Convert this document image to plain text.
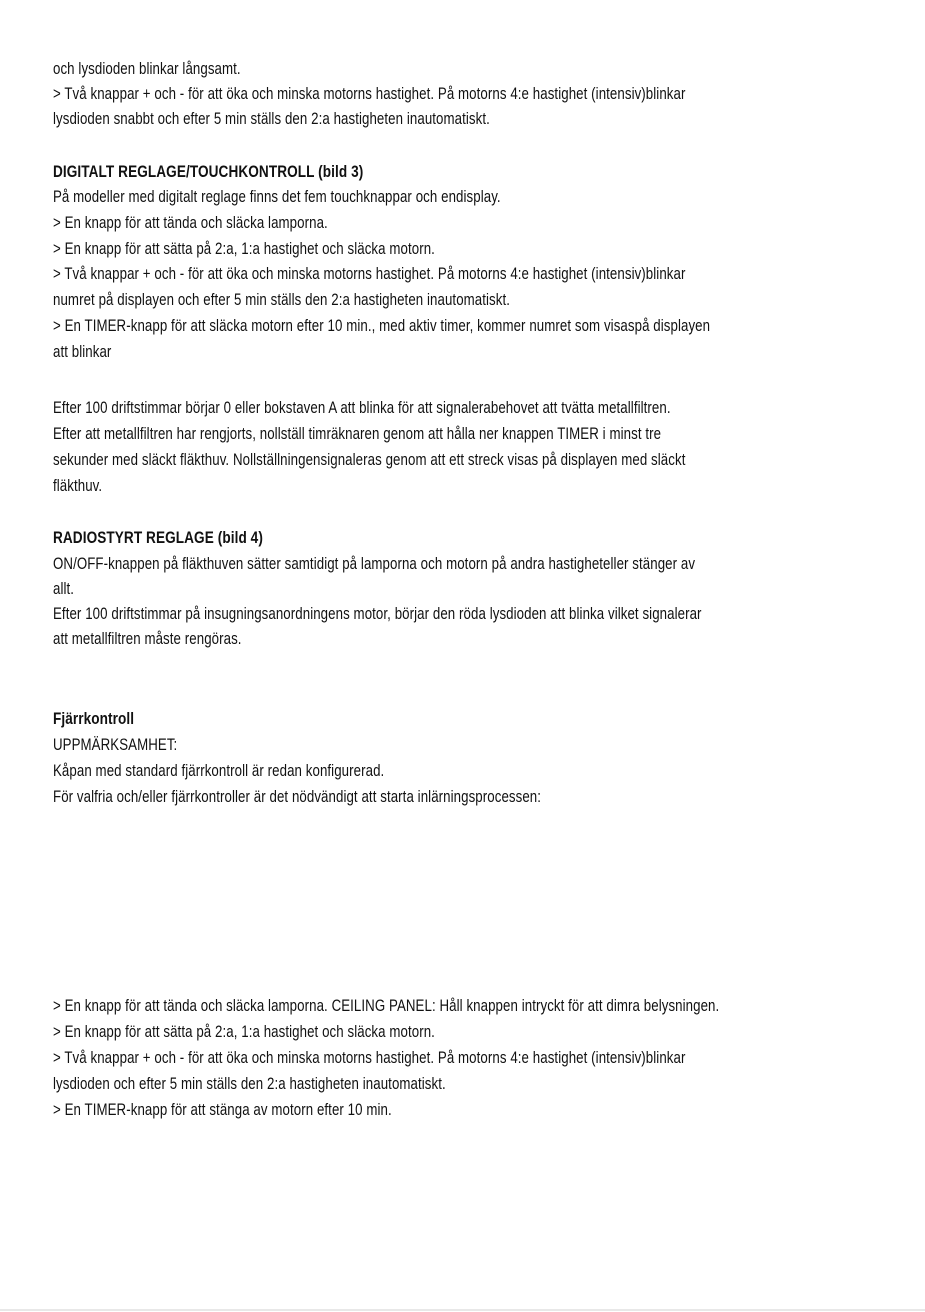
och lysdioden blinkar långsamt.

> Två knappar + och - för att öka och minska motorns hastighet. På motorns 4:e hastighet (intensiv)blinkar

lysdioden snabbt och efter 5 min ställs den 2:a hastigheten inautomatiskt.

DIGITALT REGLAGE/TOUCHKONTROLL (bild 3)

På modeller med digitalt reglage finns det fem touchknappar och endisplay.

> En knapp för att tända och släcka lamporna.

> En knapp för att sätta på 2:a, 1:a hastighet och släcka motorn.

> Två knappar + och - för att öka och minska motorns hastighet. På motorns 4:e hastighet (intensiv)blinkar

numret på displayen och efter 5 min ställs den 2:a hastigheten inautomatiskt.

> En TIMER-knapp för att släcka motorn efter 10 min., med aktiv timer, kommer numret som visaspå displayen

att blinkar

Efter 100 driftstimmar börjar 0 eller bokstaven A att blinka för att signalerabehovet att tvätta metallfiltren.

Efter att metallfiltren har rengjorts, nollställ timräknaren genom att hålla ner knappen TIMER i minst tre

sekunder med släckt fläkthuv. Nollställningensignaleras genom att ett streck visas på displayen med släckt

fläkthuv.

RADIOSTYRT REGLAGE (bild 4)

ON/OFF-knappen på fläkthuven sätter samtidigt på lamporna och motorn på andra hastigheteller stänger av

allt.

Efter 100 driftstimmar på insugningsanordningens motor, börjar den röda lysdioden att blinka vilket signalerar

att metallfiltren måste rengöras.

Fjärrkontroll

UPPMÄRKSAMHET:

Kåpan med standard fjärrkontroll är redan konfigurerad.

För valfria och/eller fjärrkontroller är det nödvändigt att starta inlärningsprocessen:

> En knapp för att tända och släcka lamporna. CEILING PANEL: Håll knappen intryckt för att dimra belysningen.

> En knapp för att sätta på 2:a, 1:a hastighet och släcka motorn.

> Två knappar + och - för att öka och minska motorns hastighet. På motorns 4:e hastighet (intensiv)blinkar

lysdioden och efter 5 min ställs den 2:a hastigheten inautomatiskt.

> En TIMER-knapp för att stänga av motorn efter 10 min.
